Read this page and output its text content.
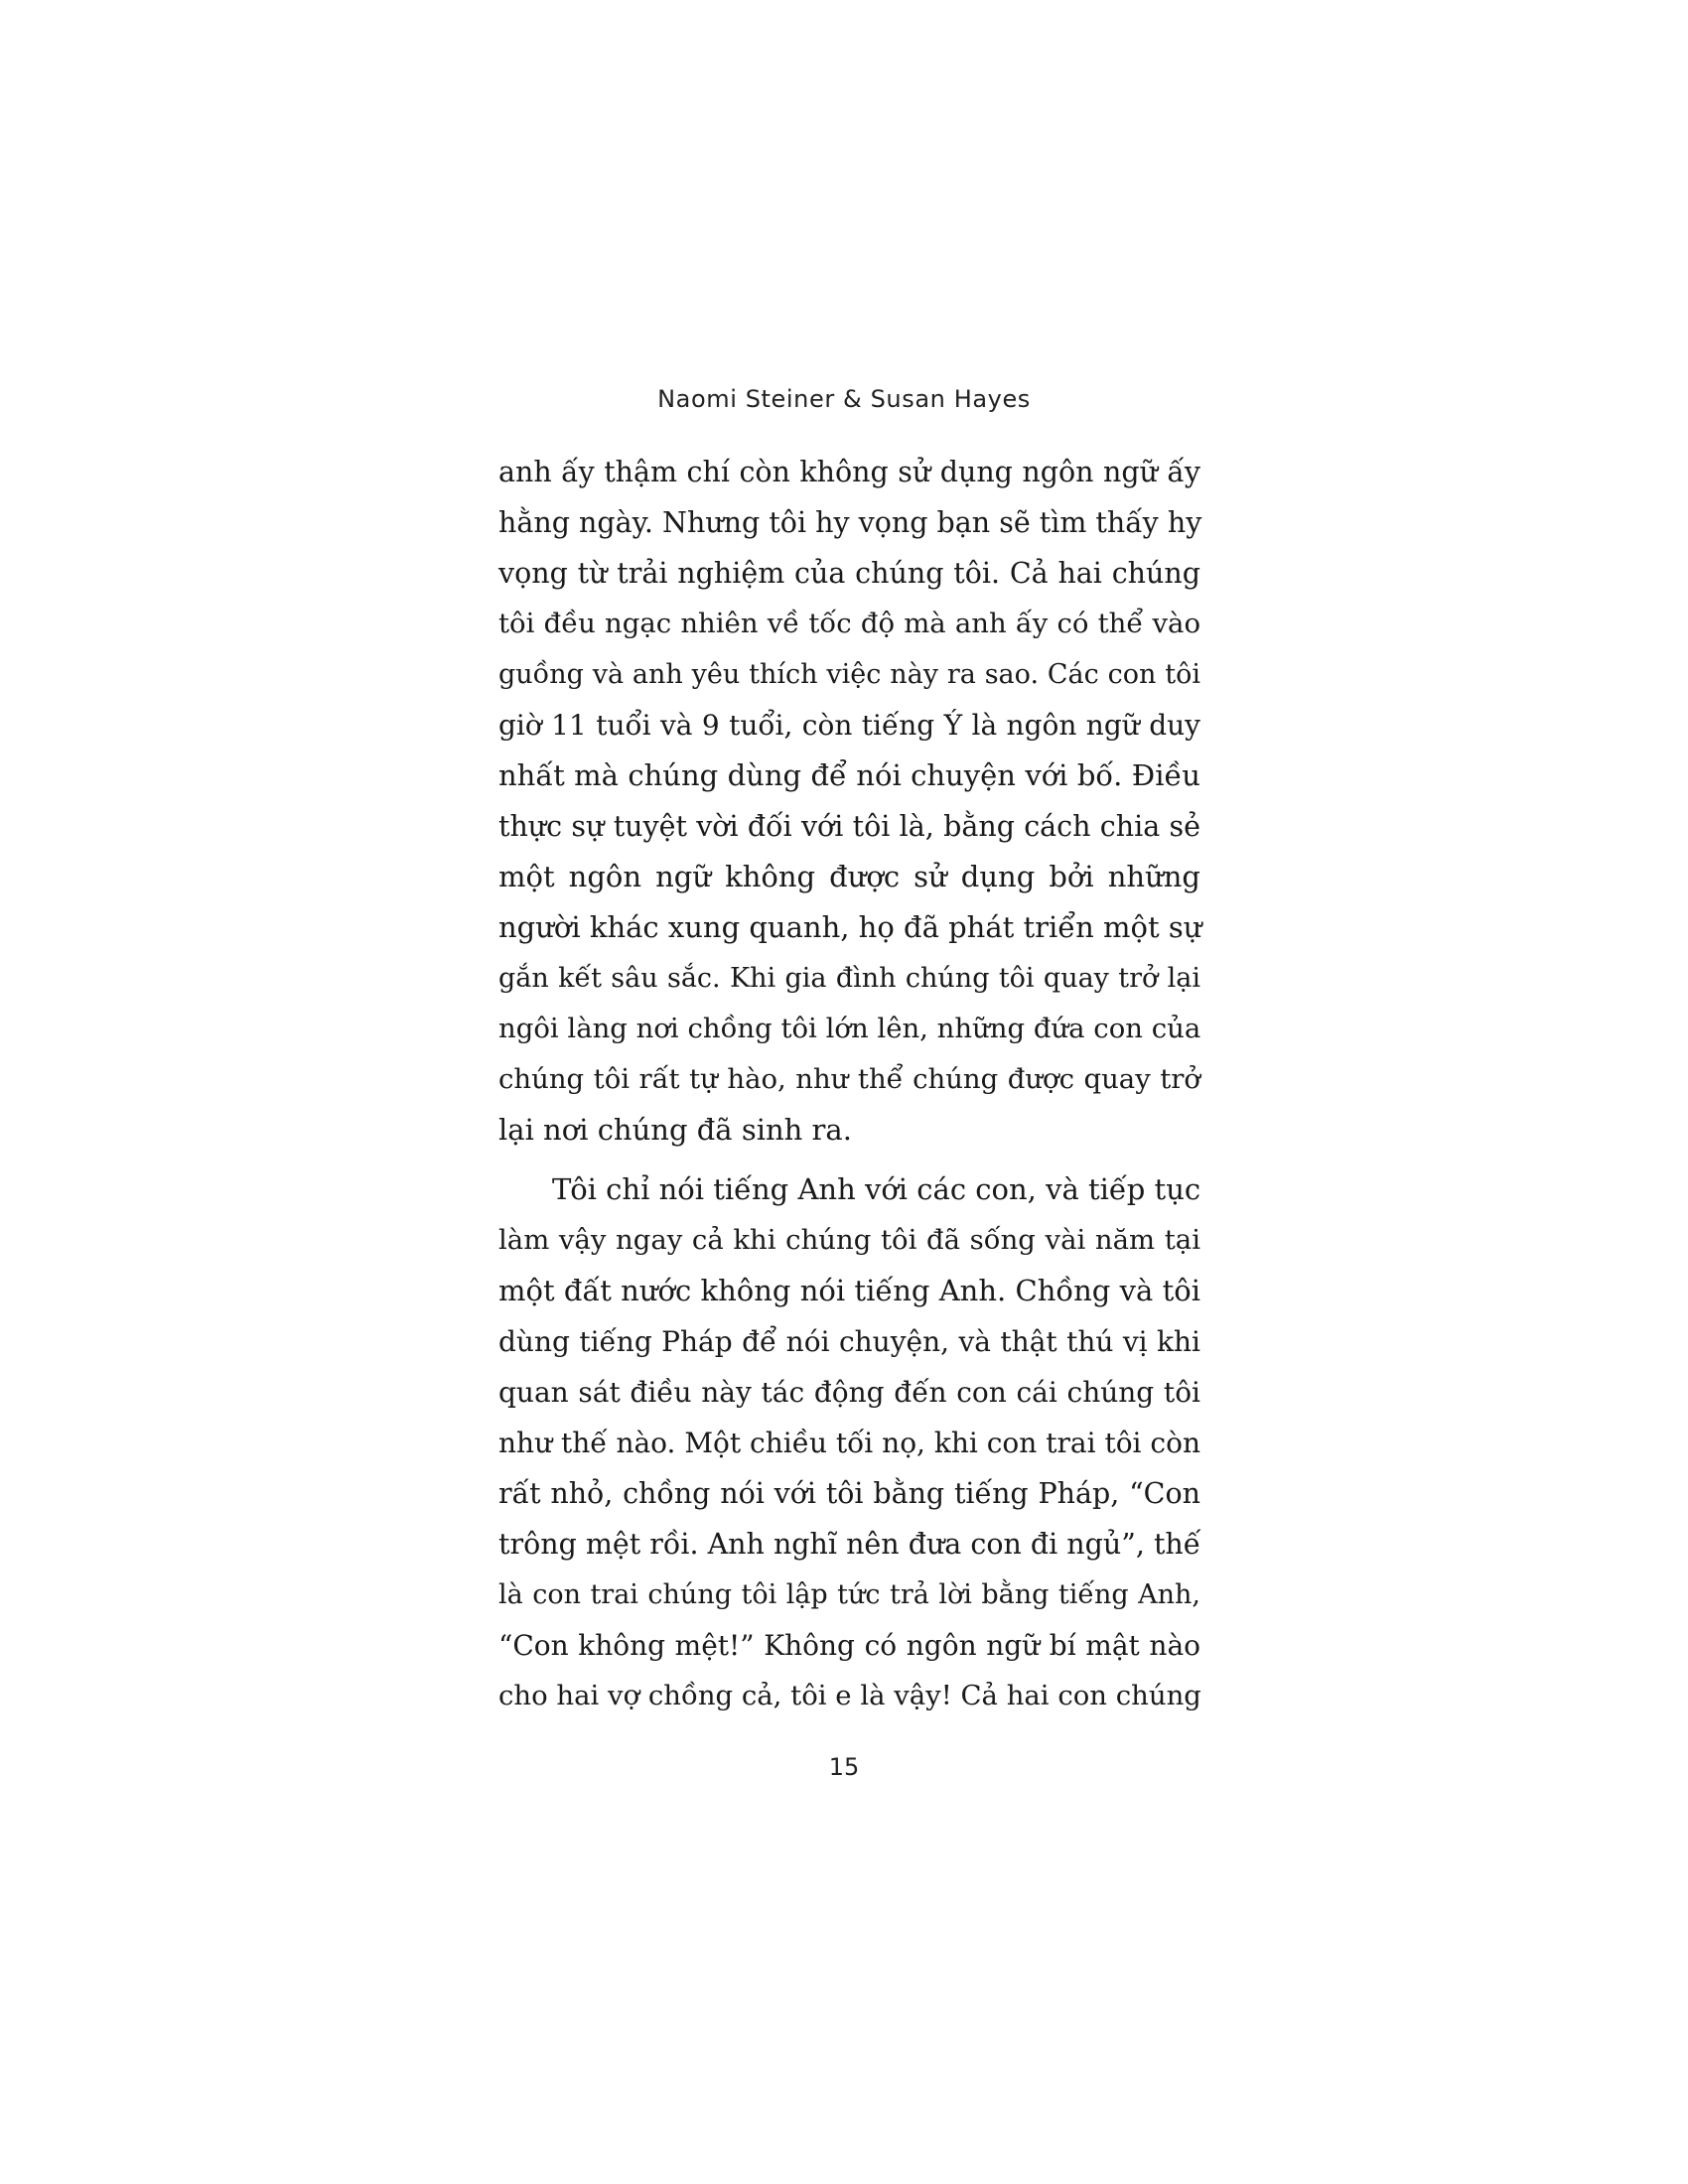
Naomi Steiner & Susan Hayes
anh ấy thậm chí còn không sử dụng ngôn ngữ ấy
hằng ngày. Nhưng tôi hy vọng bạn sẽ tìm thấy hy
vọng từ trải nghiệm của chúng tôi. Cả hai chúng
tôi đều ngạc nhiên về tốc độ mà anh ấy có thể vào
guồng và anh yêu thích việc này ra sao. Các con tôi
giờ 11 tuổi và 9 tuổi, còn tiếng Ý là ngôn ngữ duy
nhất mà chúng dùng để nói chuyện với bố. Điều
thực sự tuyệt vời đối với tôi là, bằng cách chia sẻ
một ngôn ngữ không được sử dụng bởi những
người khác xung quanh, họ đã phát triển một sự
gắn kết sâu sắc. Khi gia đình chúng tôi quay trở lại
ngôi làng nơi chồng tôi lớn lên, những đứa con của
chúng tôi rất tự hào, như thể chúng được quay trở
lại nơi chúng đã sinh ra.
Tôi chỉ nói tiếng Anh với các con, và tiếp tục
làm vậy ngay cả khi chúng tôi đã sống vài năm tại
một đất nước không nói tiếng Anh. Chồng và tôi
dùng tiếng Pháp để nói chuyện, và thật thú vị khi
quan sát điều này tác động đến con cái chúng tôi
như thế nào. Một chiều tối nọ, khi con trai tôi còn
rất nhỏ, chồng nói với tôi bằng tiếng Pháp, “Con
trông mệt rồi. Anh nghĩ nên đưa con đi ngủ”, thế
là con trai chúng tôi lập tức trả lời bằng tiếng Anh,
“Con không mệt!” Không có ngôn ngữ bí mật nào
cho hai vợ chồng cả, tôi e là vậy! Cả hai con chúng
15
